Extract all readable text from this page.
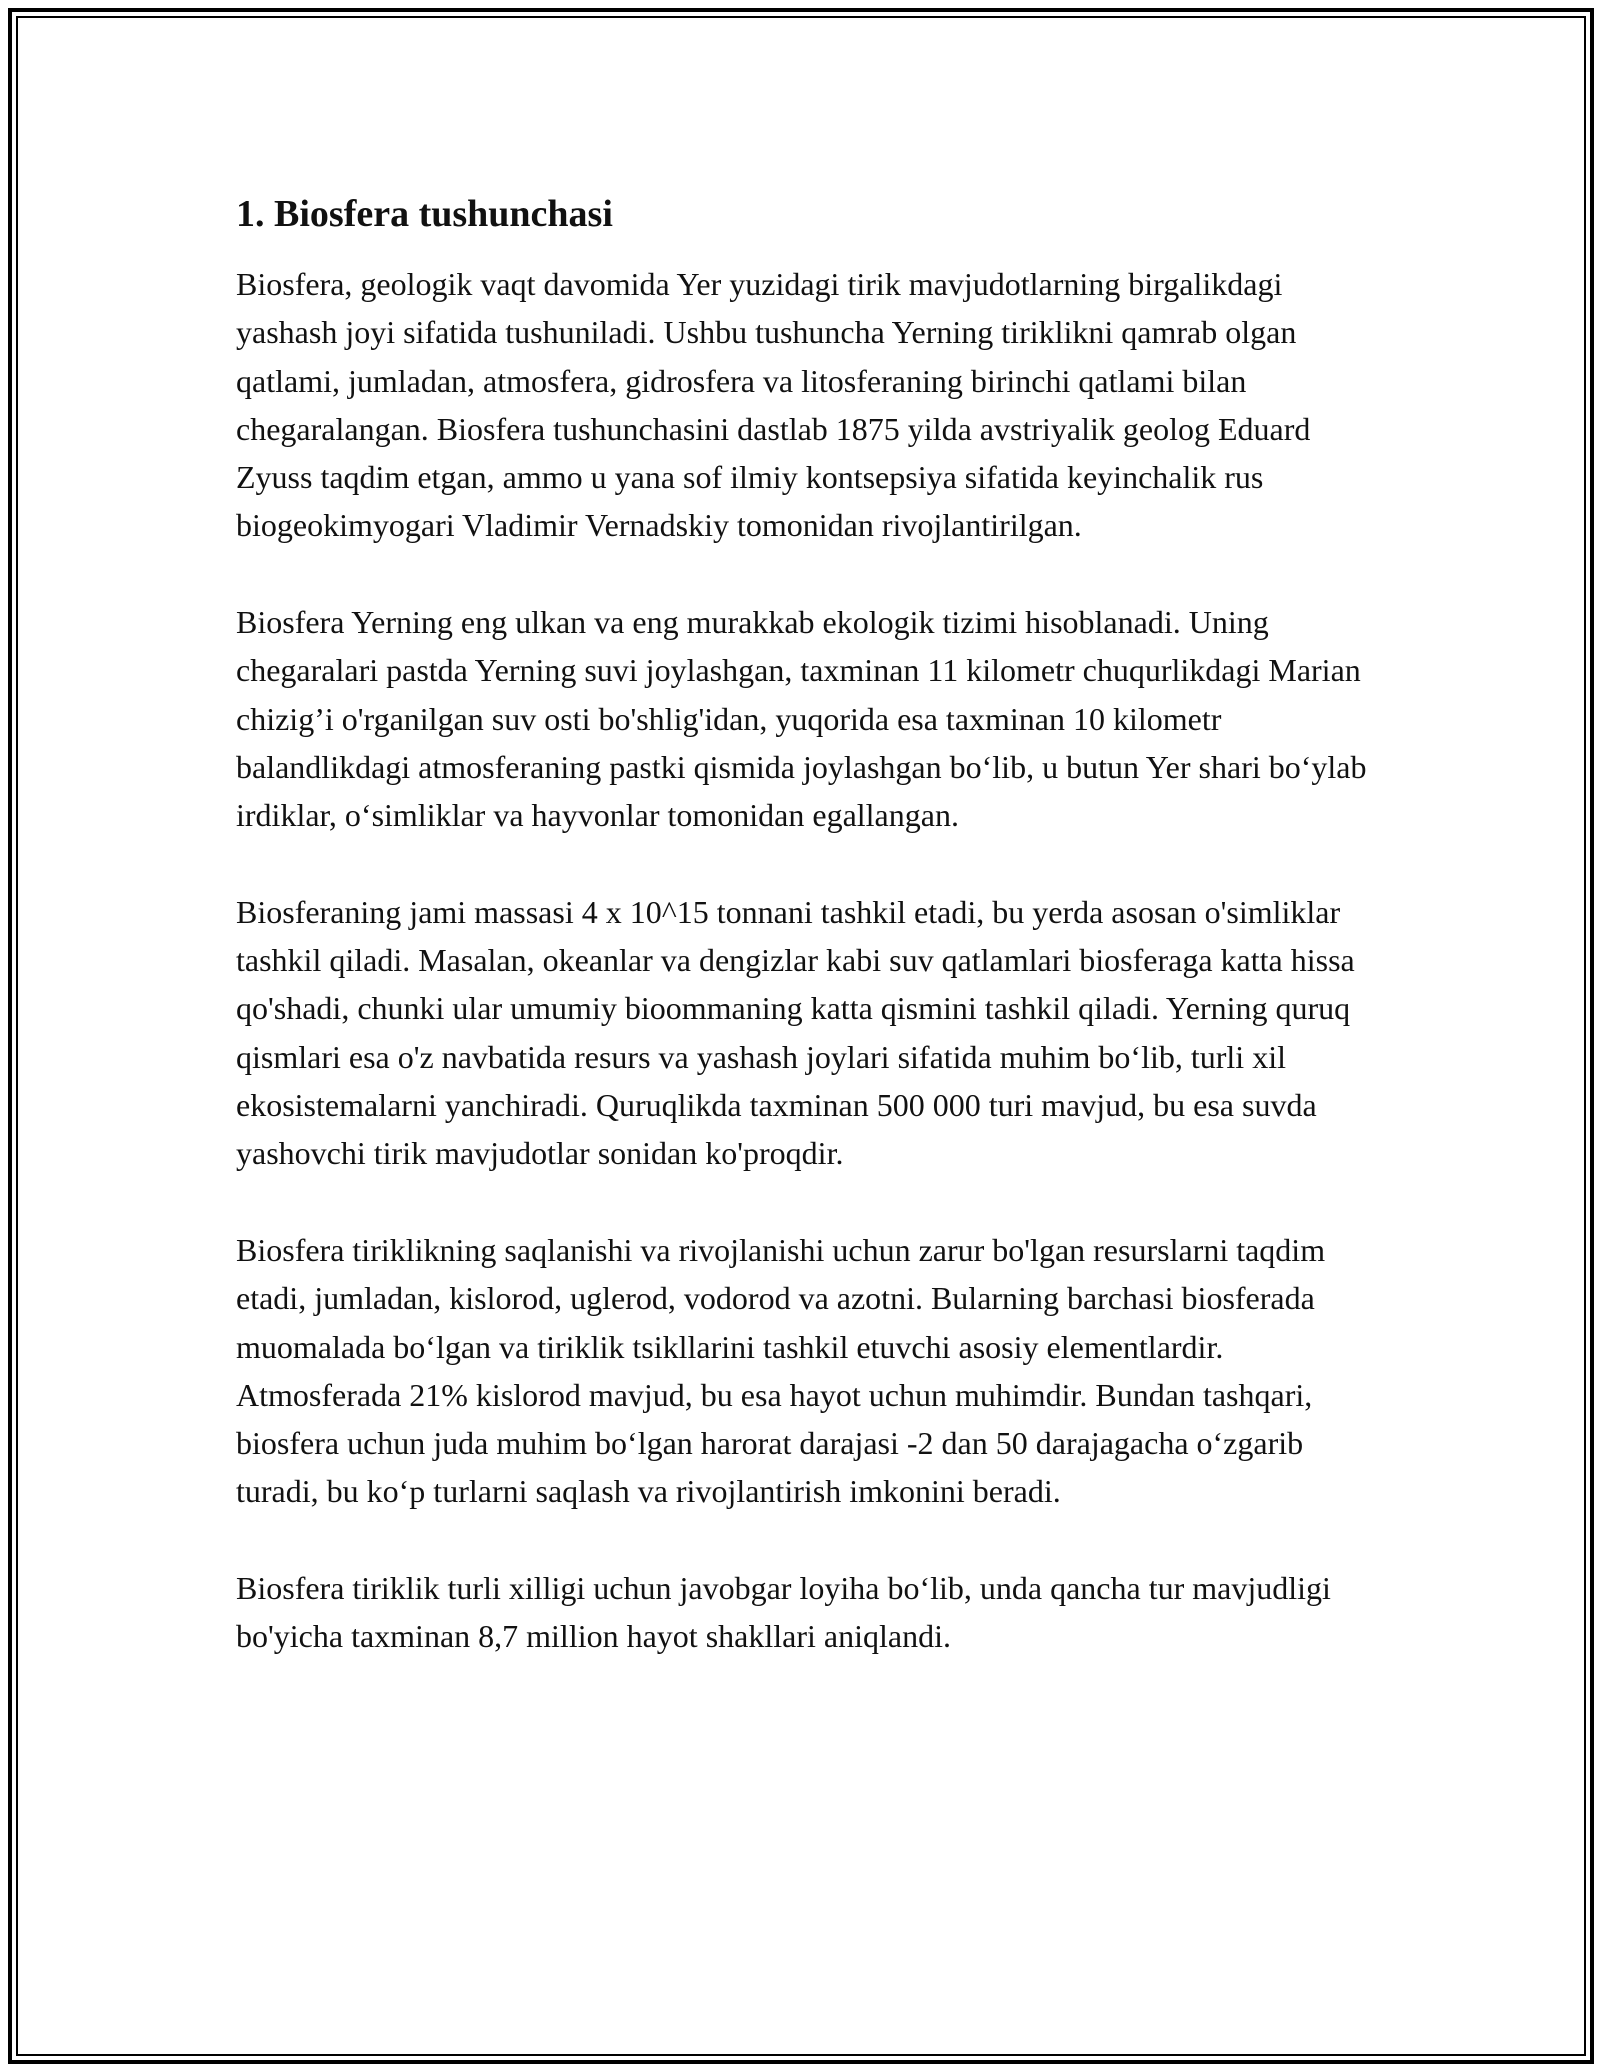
1. Biosfera tushunchasi

Biosfera, geologik vaqt davomida Yer yuzidagi tirik mavjudotlarning birgalikdagi yashash joyi sifatida tushuniladi. Ushbu tushuncha Yerning tiriklikni qamrab olgan qatlami, jumladan, atmosfera, gidrosfera va litosferaning birinchi qatlami bilan chegaralangan. Biosfera tushunchasini dastlab 1875 yilda avstriyalik geolog Eduard Zyuss taqdim etgan, ammo u yana sof ilmiy kontsepsiya sifatida keyinchalik rus biogeokimyogari Vladimir Vernadskiy tomonidan rivojlantirilgan.

Biosfera Yerning eng ulkan va eng murakkab ekologik tizimi hisoblanadi. Uning chegaralari pastda Yerning suvi joylashgan, taxminan 11 kilometr chuqurlikdagi Marian chizig’i o'rganilgan suv osti bo'shlig'idan, yuqorida esa taxminan 10 kilometr balandlikdagi atmosferaning pastki qismida joylashgan bo‘lib, u butun Yer shari bo‘ylab irdiklar, o‘simliklar va hayvonlar tomonidan egallangan.

Biosferaning jami massasi 4 x 10^15 tonnani tashkil etadi, bu yerda asosan o'simliklar tashkil qiladi. Masalan, okeanlar va dengizlar kabi suv qatlamlari biosferaga katta hissa qo'shadi, chunki ular umumiy bioommaning katta qismini tashkil qiladi. Yerning quruq qismlari esa o'z navbatida resurs va yashash joylari sifatida muhim bo‘lib, turli xil ekosistemalarni yanchiradi. Quruqlikda taxminan 500 000 turi mavjud, bu esa suvda yashovchi tirik mavjudotlar sonidan ko'proqdir.

Biosfera tiriklikning saqlanishi va rivojlanishi uchun zarur bo'lgan resurslarni taqdim etadi, jumladan, kislorod, uglerod, vodorod va azotni. Bularning barchasi biosferada muomalada bo‘lgan va tiriklik tsikllarini tashkil etuvchi asosiy elementlardir. Atmosferada 21% kislorod mavjud, bu esa hayot uchun muhimdir. Bundan tashqari, biosfera uchun juda muhim bo‘lgan harorat darajasi -2 dan 50 darajagacha o‘zgarib turadi, bu ko‘p turlarni saqlash va rivojlantirish imkonini beradi.

Biosfera tiriklik turli xilligi uchun javobgar loyiha bo‘lib, unda qancha tur mavjudligi bo'yicha taxminan 8,7 million hayot shakllari aniqlandi.
